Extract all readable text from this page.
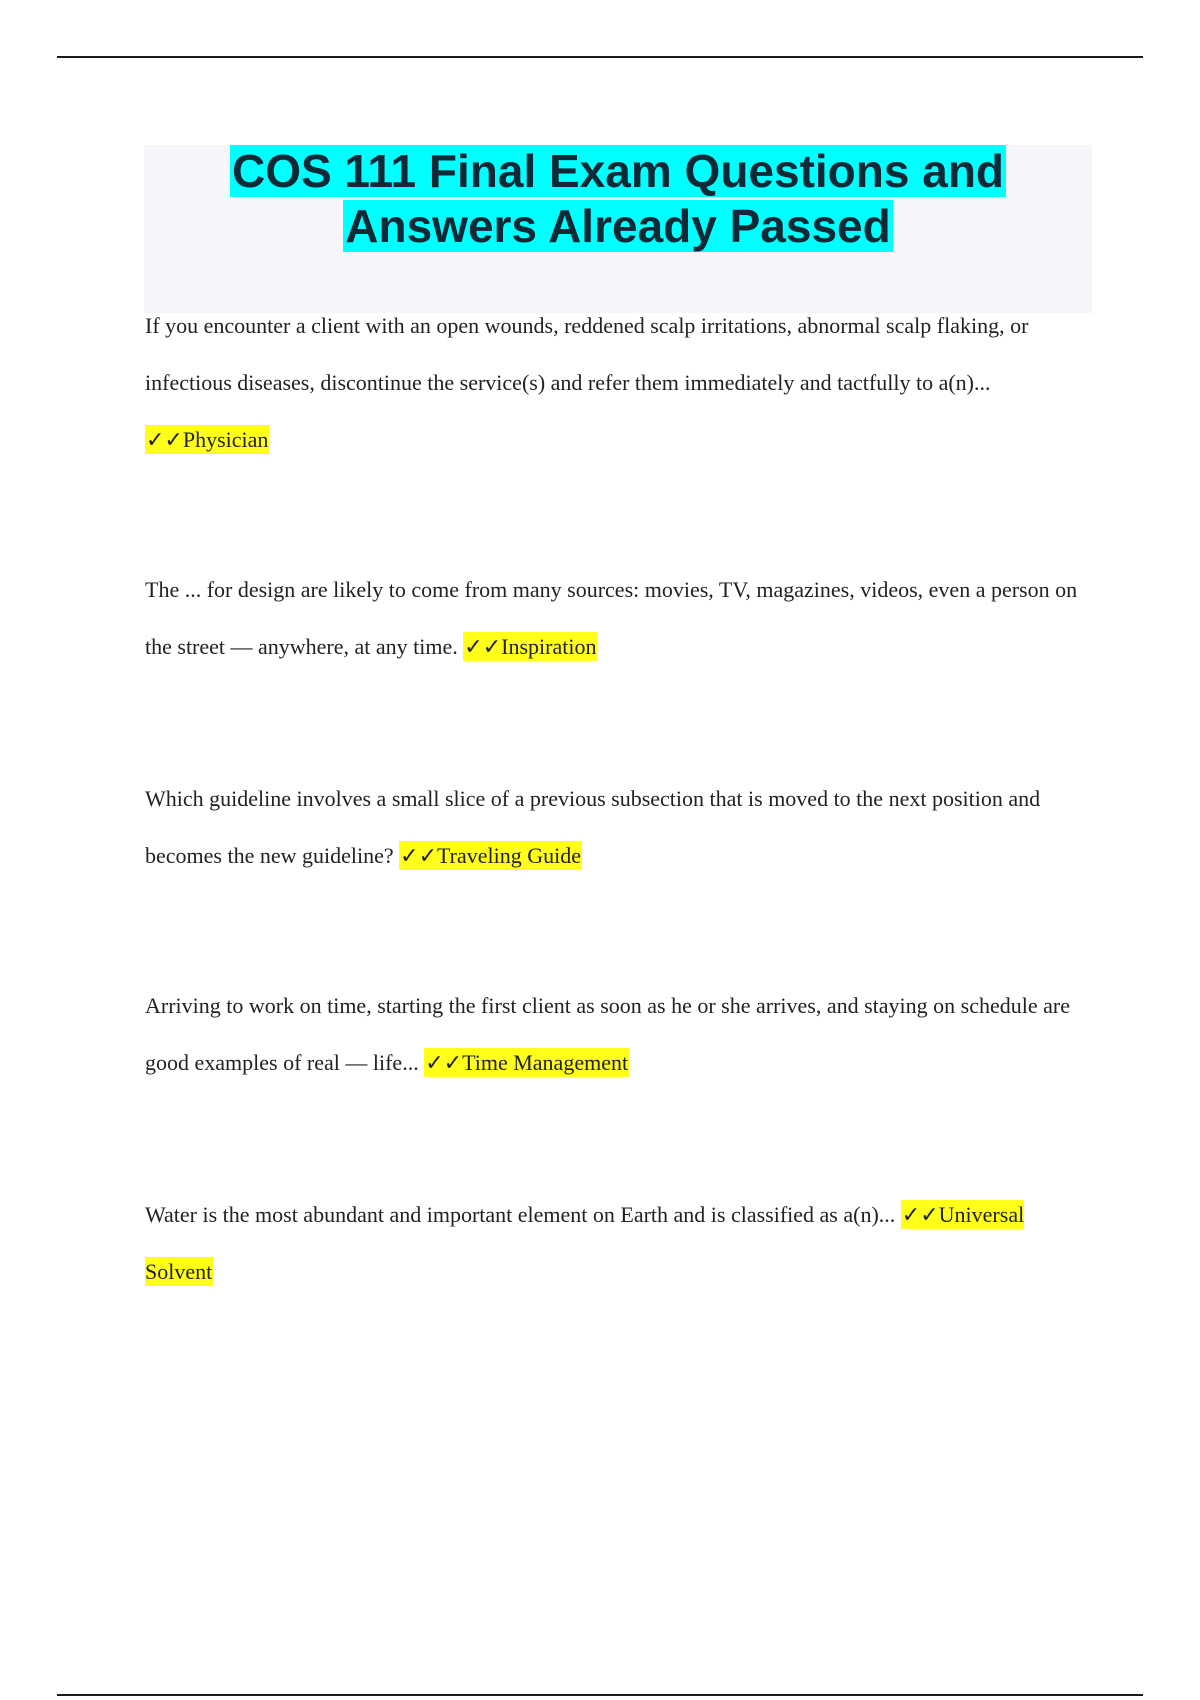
COS 111 Final Exam Questions and
Answers Already Passed

If you encounter a client with an open wounds, reddened scalp irritations, abnormal scalp flaking, or infectious diseases, discontinue the service(s) and refer them immediately and tactfully to a(n)... ✓✓Physician

The ... for design are likely to come from many sources: movies, TV, magazines, videos, even a person on the street — anywhere, at any time. ✓✓Inspiration

Which guideline involves a small slice of a previous subsection that is moved to the next position and becomes the new guideline? ✓✓Traveling Guide

Arriving to work on time, starting the first client as soon as he or she arrives, and staying on schedule are good examples of real — life... ✓✓Time Management

Water is the most abundant and important element on Earth and is classified as a(n)... ✓✓Universal Solvent
